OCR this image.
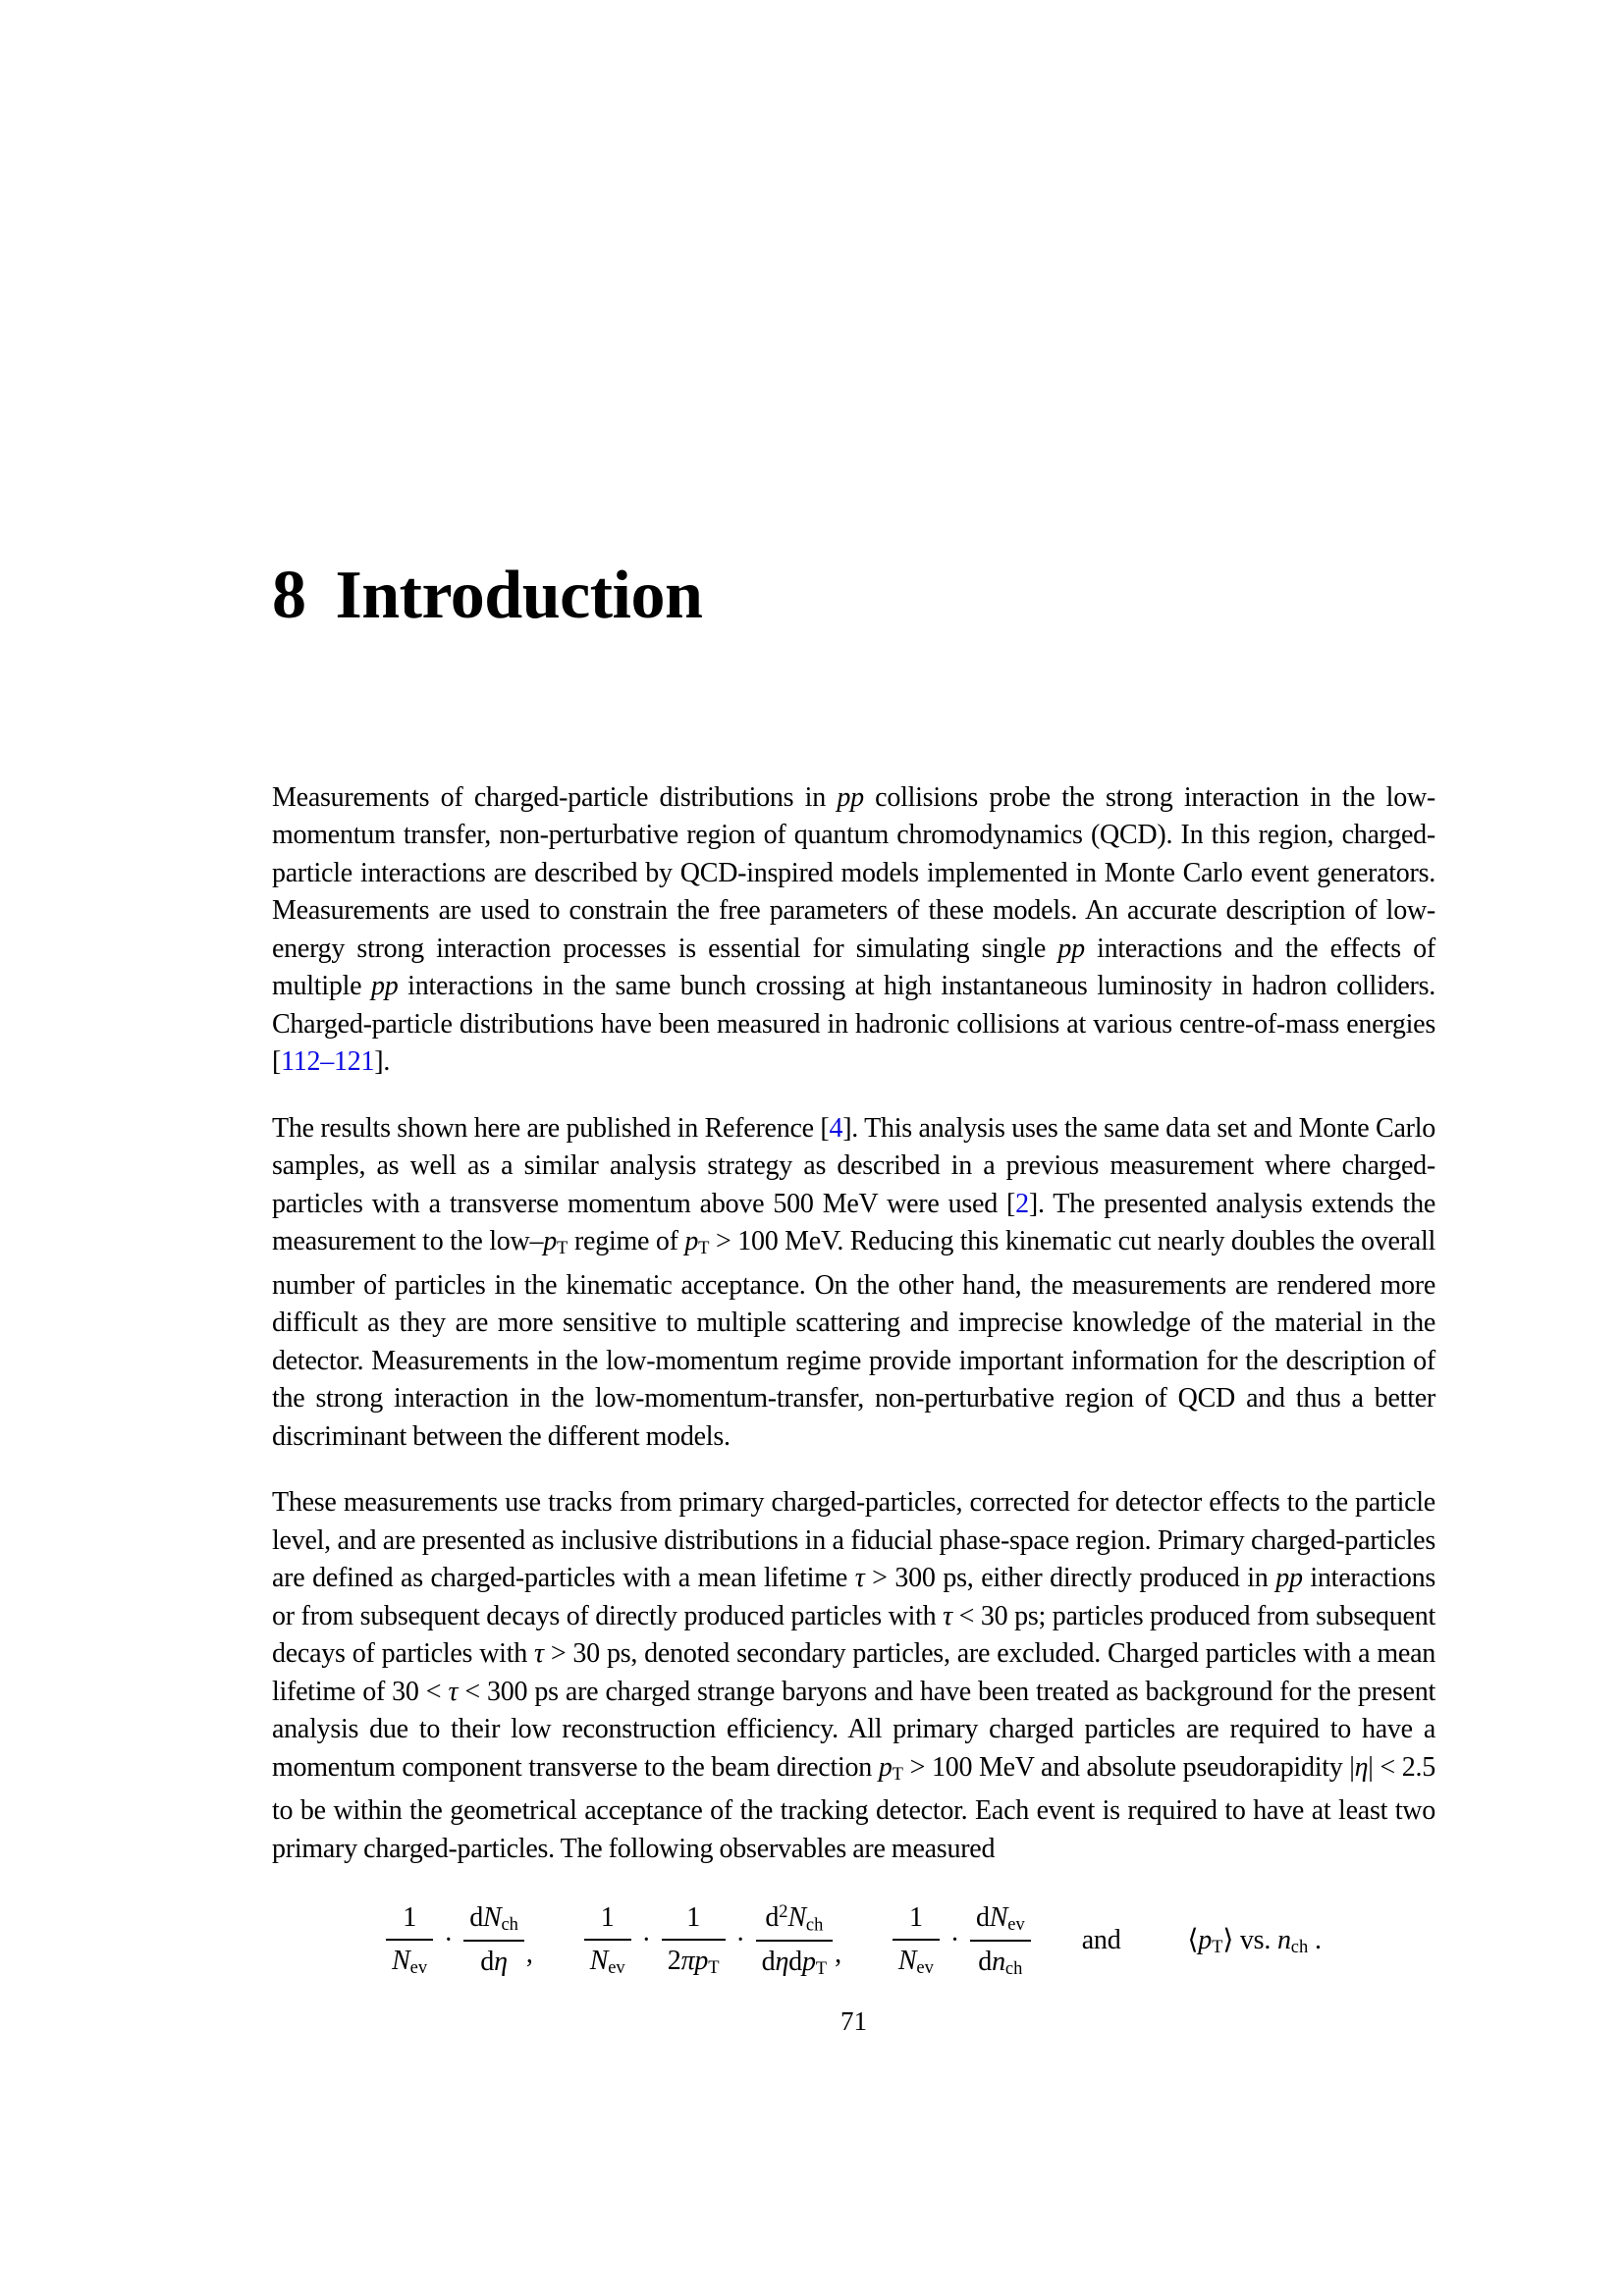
8 Introduction

Measurements of charged-particle distributions in pp collisions probe the strong interaction in the low-momentum transfer, non-perturbative region of quantum chromodynamics (QCD). In this region, charged-particle interactions are described by QCD-inspired models implemented in Monte Carlo event generators. Measurements are used to constrain the free parameters of these models. An accurate description of low-energy strong interaction processes is essential for simulating single pp interactions and the effects of multiple pp interactions in the same bunch crossing at high instantaneous luminosity in hadron colliders. Charged-particle distributions have been measured in hadronic collisions at various centre-of-mass energies [112–121].

The results shown here are published in Reference [4]. This analysis uses the same data set and Monte Carlo samples, as well as a similar analysis strategy as described in a previous measurement where charged-particles with a transverse momentum above 500 MeV were used [2]. The presented analysis extends the measurement to the low–pT regime of pT > 100 MeV. Reducing this kinematic cut nearly doubles the overall number of particles in the kinematic acceptance. On the other hand, the measurements are rendered more difficult as they are more sensitive to multiple scattering and imprecise knowledge of the material in the detector. Measurements in the low-momentum regime provide important information for the description of the strong interaction in the low-momentum-transfer, non-perturbative region of QCD and thus a better discriminant between the different models.

These measurements use tracks from primary charged-particles, corrected for detector effects to the particle level, and are presented as inclusive distributions in a fiducial phase-space region. Primary charged-particles are defined as charged-particles with a mean lifetime τ > 300 ps, either directly produced in pp interactions or from subsequent decays of directly produced particles with τ < 30 ps; particles produced from subsequent decays of particles with τ > 30 ps, denoted secondary particles, are excluded. Charged particles with a mean lifetime of 30 < τ < 300 ps are charged strange baryons and have been treated as background for the present analysis due to their low reconstruction efficiency. All primary charged particles are required to have a momentum component transverse to the beam direction pT > 100 MeV and absolute pseudorapidity |η| < 2.5 to be within the geometrical acceptance of the tracking detector. Each event is required to have at least two primary charged-particles. The following observables are measured

$\frac{1}{\text{Nev}} \cdot \frac{\text{dNch}}{d\eta}$ , $\frac{1}{\text{Nev}} \cdot \frac{1}{\text{2πpT}} \cdot \frac{d^2Nch}{\text{dηdpT}}$ , $\frac{1}{\text{Nev}} \cdot \frac{\text{dNev}}{\text{dnch}}$ and ⟨pT⟩ vs. nch .
71
